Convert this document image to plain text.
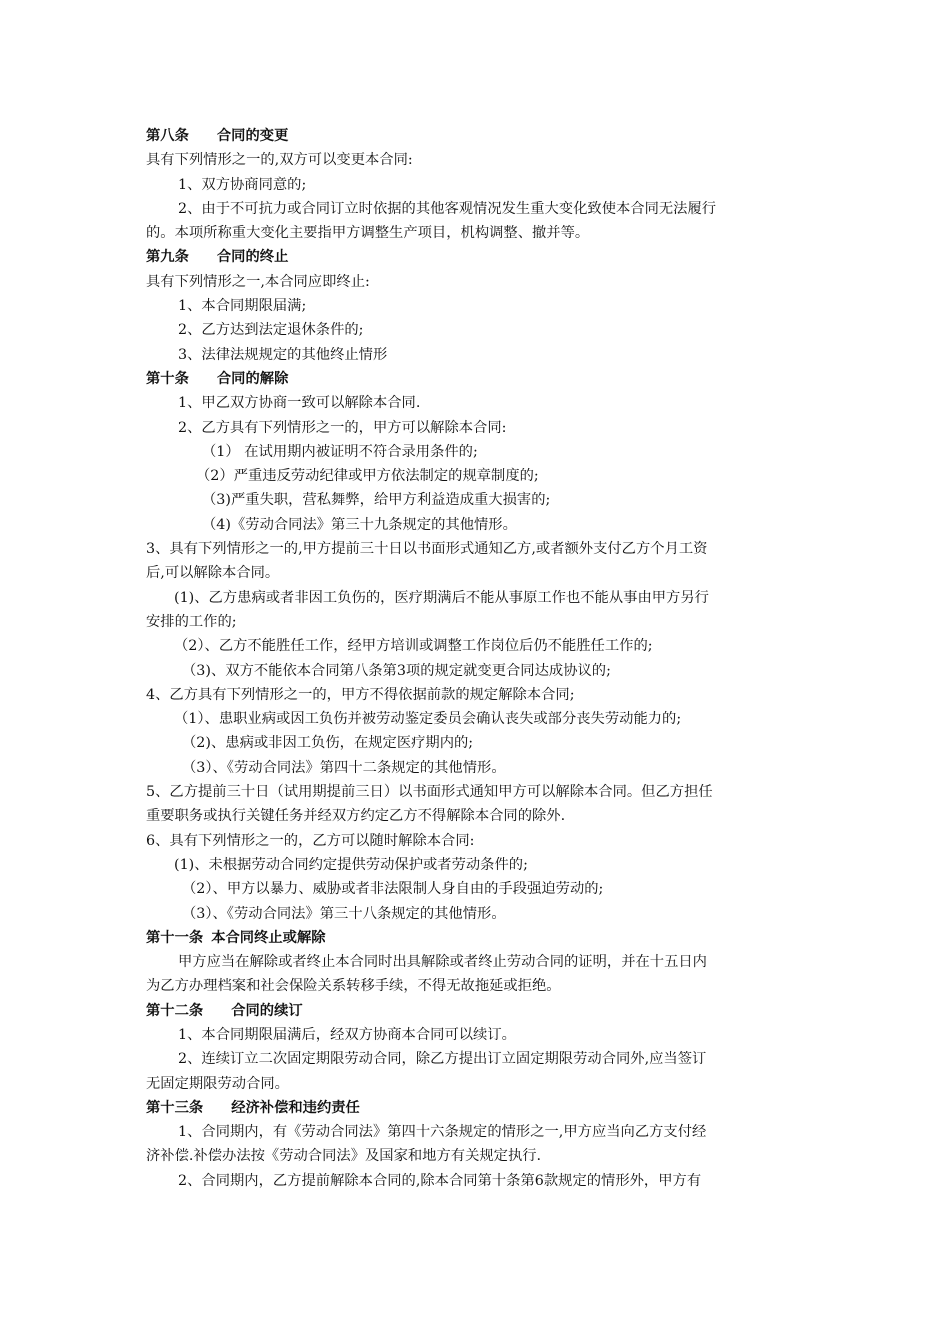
第八条 合同的变更
具有下列情形之一的,双方可以变更本合同:
1、双方协商同意的;
2、由于不可抗力或合同订立时依据的其他客观情况发生重大变化致使本合同无法履行
的。本项所称重大变化主要指甲方调整生产项目，机构调整、撤并等。
第九条 合同的终止
具有下列情形之一,本合同应即终止:
1、本合同期限届满;
2、乙方达到法定退休条件的;
3、法律法规规定的其他终止情形
第十条 合同的解除
1、甲乙双方协商一致可以解除本合同.
2、乙方具有下列情形之一的，甲方可以解除本合同:
（1） 在试用期内被证明不符合录用条件的;
（2）严重违反劳动纪律或甲方依法制定的规章制度的;
（3)严重失职，营私舞弊，给甲方利益造成重大损害的;
（4)《劳动合同法》第三十九条规定的其他情形。
3、具有下列情形之一的,甲方提前三十日以书面形式通知乙方,或者额外支付乙方个月工资
后,可以解除本合同。
(1)、乙方患病或者非因工负伤的，医疗期满后不能从事原工作也不能从事由甲方另行
安排的工作的;
（2）、乙方不能胜任工作，经甲方培训或调整工作岗位后仍不能胜任工作的;
（3)、双方不能依本合同第八条第3项的规定就变更合同达成协议的;
4、乙方具有下列情形之一的，甲方不得依据前款的规定解除本合同;
（1）、患职业病或因工负伤并被劳动鉴定委员会确认丧失或部分丧失劳动能力的;
（2)、患病或非因工负伤，在规定医疗期内的;
（3）、《劳动合同法》第四十二条规定的其他情形。
5、乙方提前三十日（试用期提前三日）以书面形式通知甲方可以解除本合同。但乙方担任
重要职务或执行关键任务并经双方约定乙方不得解除本合同的除外.
6、具有下列情形之一的，乙方可以随时解除本合同:
(1)、未根据劳动合同约定提供劳动保护或者劳动条件的;
（2）、甲方以暴力、威胁或者非法限制人身自由的手段强迫劳动的;
（3）、《劳动合同法》第三十八条规定的其他情形。
第十一条 本合同终止或解除
甲方应当在解除或者终止本合同时出具解除或者终止劳动合同的证明，并在十五日内
为乙方办理档案和社会保险关系转移手续，不得无故拖延或拒绝。
第十二条 合同的续订
1、本合同期限届满后，经双方协商本合同可以续订。
2、连续订立二次固定期限劳动合同，除乙方提出订立固定期限劳动合同外,应当签订
无固定期限劳动合同。
第十三条 经济补偿和违约责任
1、合同期内，有《劳动合同法》第四十六条规定的情形之一,甲方应当向乙方支付经
济补偿.补偿办法按《劳动合同法》及国家和地方有关规定执行.
2、合同期内，乙方提前解除本合同的,除本合同第十条第6款规定的情形外，甲方有
